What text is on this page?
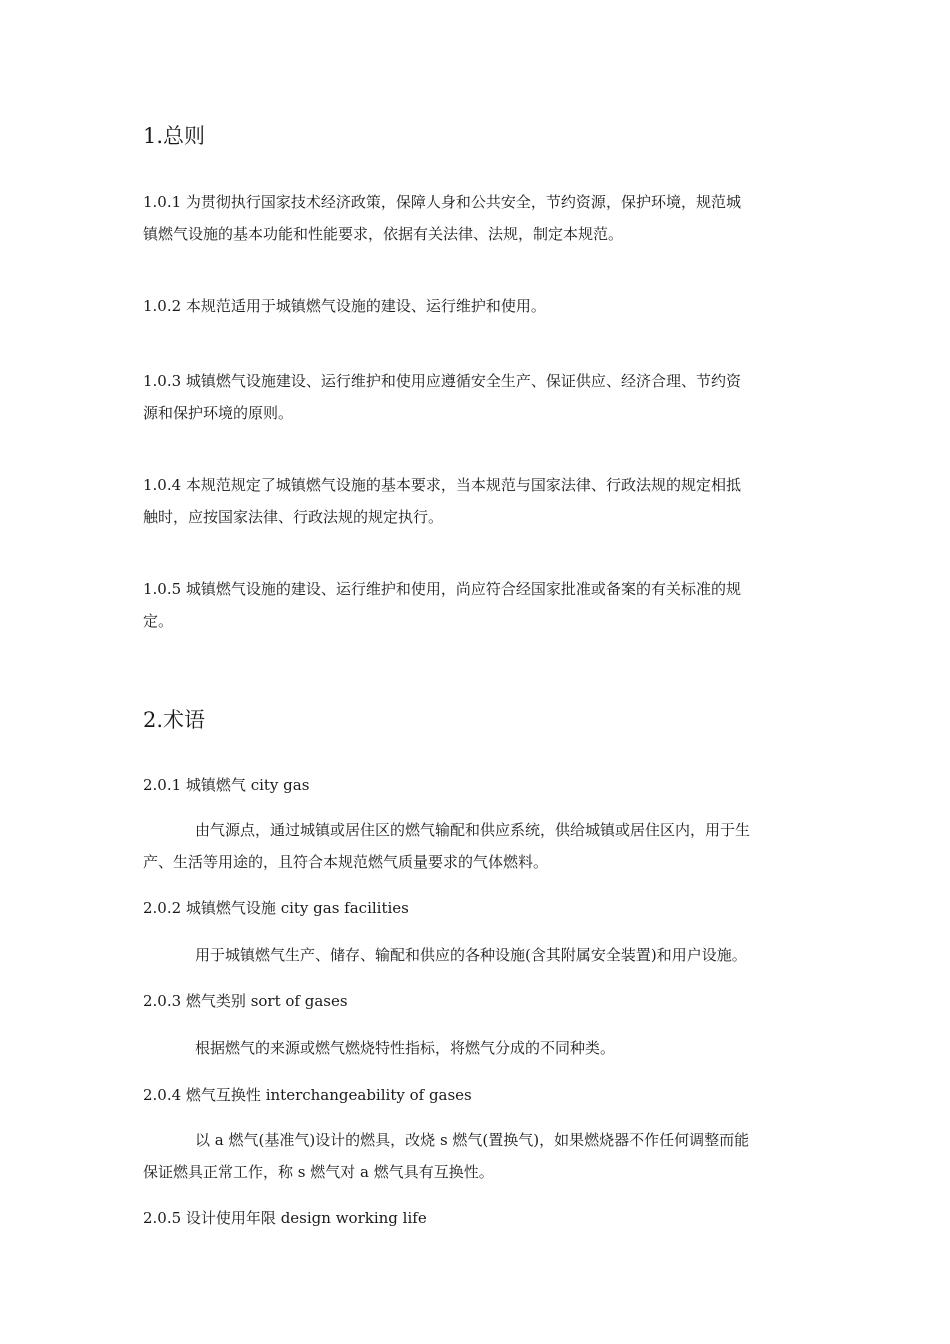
1.总则

1.0.1 为贯彻执行国家技术经济政策，保障人身和公共安全，节约资源，保护环境，规范城
镇燃气设施的基本功能和性能要求，依据有关法律、法规，制定本规范。

1.0.2 本规范适用于城镇燃气设施的建设、运行维护和使用。

1.0.3 城镇燃气设施建设、运行维护和使用应遵循安全生产、保证供应、经济合理、节约资
源和保护环境的原则。

1.0.4 本规范规定了城镇燃气设施的基本要求，当本规范与国家法律、行政法规的规定相抵
触时，应按国家法律、行政法规的规定执行。

1.0.5 城镇燃气设施的建设、运行维护和使用，尚应符合经国家批准或备案的有关标准的规
定。

2.术语

2.0.1 城镇燃气 city gas

由气源点，通过城镇或居住区的燃气输配和供应系统，供给城镇或居住区内，用于生
产、生活等用途的，且符合本规范燃气质量要求的气体燃料。

2.0.2 城镇燃气设施 city gas facilities

用于城镇燃气生产、储存、输配和供应的各种设施(含其附属安全装置)和用户设施。

2.0.3 燃气类别 sort of gases

根据燃气的来源或燃气燃烧特性指标，将燃气分成的不同种类。

2.0.4 燃气互换性 interchangeability of gases

以 a 燃气(基准气)设计的燃具，改烧 s 燃气(置换气)，如果燃烧器不作任何调整而能
保证燃具正常工作，称 s 燃气对 a 燃气具有互换性。

2.0.5 设计使用年限 design working life
